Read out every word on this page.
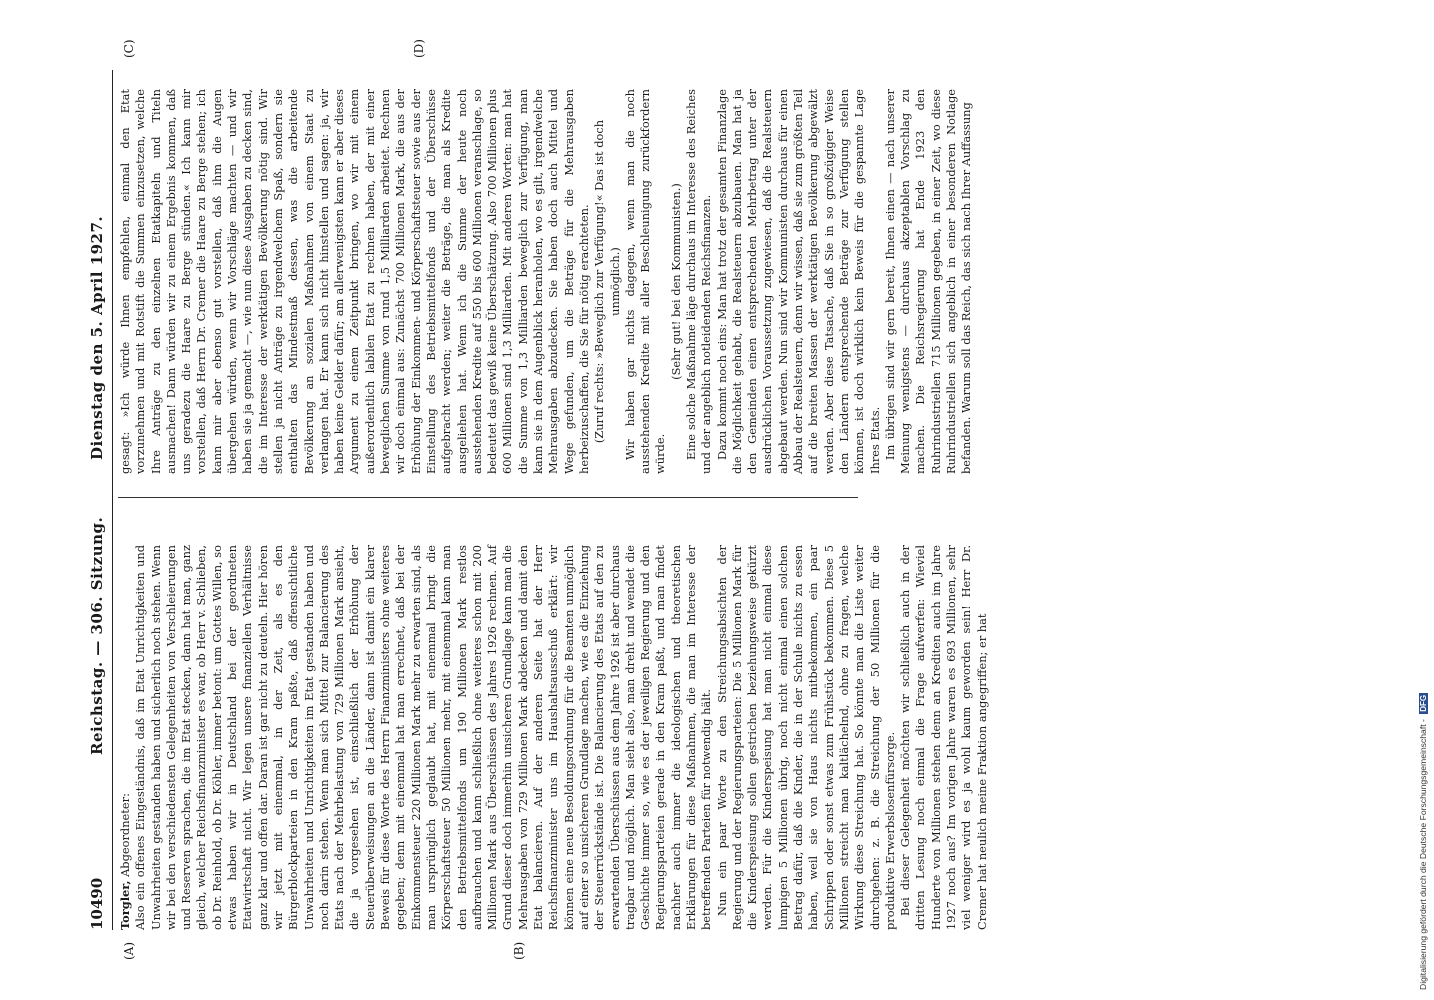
10490
Reichstag. — 306. Sitzung.
Dienstag den 5. April 1927.
(A)	(B)
(C)	(D)

Torgler, Abgeordneter: Also ein offenes Eingeständnis, daß im Etat Unrichtigkeiten und Unwahrheiten gestanden haben und sicherlich noch stehen. Wenn wir bei den verschiedensten Gelegenheiten von Verschleierungen und Reserven sprachen, die im Etat stecken, dann hat man, ganz gleich, welcher Reichsfinanzminister es war, ob Herr v. Schlieben, ob Dr. Reinhold, ob Dr. Köhler, immer betont: um Gottes Willen, so etwas haben wir in Deutschland bei der geordneten Etatwirtschaft nicht. Wir legen unsere finanziellen Verhältnisse ganz klar und offen dar. Daran ist gar nicht zu deuteln. Hier hören wir jetzt mit einemmal, in der Zeit, als es den Bürgerblockparteien in den Kram paßte, daß offensichtliche Unwahrheiten und Unrichtigkeiten im Etat gestanden haben und noch darin stehen. Wenn man sich Mittel zur Balancierung des Etats nach der Mehrbelastung von 729 Millionen Mark ansieht, die ja vorgesehen ist, einschließlich der Erhöhung der Steuerüberweisungen an die Länder, dann ist damit ein klarer Beweis für diese Worte des Herrn Finanzministers ohne weiteres gegeben; denn mit einemmal hat man errechnet, daß bei der Einkommensteuer 220 Millionen Mark mehr zu erwarten sind, als man ursprünglich geglaubt hat, mit einemmal bringt die Körperschaftsteuer 50 Millionen mehr, mit einemmal kann man den Betriebsmittelfonds um 190 Millionen Mark restlos aufbrauchen und kann schließlich ohne weiteres schon mit 200 Millionen Mark aus Überschüssen des Jahres 1926 rechnen. Auf Grund dieser doch immerhin unsicheren Grundlage kann man die Mehrausgaben von 729 Millionen Mark abdecken und damit den Etat balancieren. Auf der anderen Seite hat der Herr Reichsfinanzminister uns im Haushaltsausschuß erklärt: wir können eine neue Besoldungsordnung für die Beamten unmöglich auf einer so unsicheren Grundlage machen, wie es die Einziehung der Steuerrückstände ist. Die Balancierung des Etats auf den zu erwartenden Überschüssen aus dem Jahre 1926 ist aber durchaus tragbar und möglich. Man sieht also, man dreht und wendet die Geschichte immer so, wie es der jeweiligen Regierung und den Regierungsparteien gerade in den Kram paßt, und man findet nachher auch immer die ideologischen und theoretischen Erklärungen für diese Maßnahmen, die man im Interesse der betreffenden Parteien für notwendig hält. Nun ein paar Worte zu den Streichungsabsichten der Regierung und der Regierungsparteien: Die 5 Millionen Mark für die Kinderspeisung sollen gestrichen beziehungsweise gekürzt werden. Für die Kinderspeisung hat man nicht einmal diese lumpigen 5 Millionen übrig, noch nicht einmal einen solchen Betrag dafür, daß die Kinder, die in der Schule nichts zu essen haben, weil sie von Haus nichts mitbekommen, ein paar Schrippen oder sonst etwas zum Frühstück bekommen. Diese 5 Millionen streicht man kaltlächelnd, ohne zu fragen, welche Wirkung diese Streichung hat. So könnte man die Liste weiter durchgehen: z. B. die Streichung der 50 Millionen für die produktive Erwerbslosenfürsorge. Bei dieser Gelegenheit möchten wir schließlich auch in der dritten Lesung noch einmal die Frage aufwerfen: Wieviel Hunderte von Millionen stehen denn an Krediten auch im Jahre 1927 noch aus? Im vorigen Jahre waren es 693 Millionen, sehr viel weniger wird es ja wohl kaum geworden sein! Herr Dr. Cremer hat neulich meine Fraktion angegriffen; er hat

gesagt: »Ich würde Ihnen empfehlen, einmal den Etat vorzunehmen und mit Rotstift die Summen einzusetzen, welche Ihre Anträge zu den einzelnen Etatkapiteln und Titeln ausmachen! Dann würden wir zu einem Ergebnis kommen, daß uns geradezu die Haare zu Berge stünden.« Ich kann mir vorstellen, daß Herrn Dr. Cremer die Haare zu Berge stehen; ich kann mir aber ebenso gut vorstellen, daß ihm die Augen übergehen würden, wenn wir Vorschläge machten — und wir haben sie ja gemacht —, wie nun diese Ausgaben zu decken sind, die im Interesse der werktätigen Bevölkerung nötig sind. Wir stellen ja nicht Anträge zu irgendwelchem Spaß, sondern sie enthalten das Mindestmaß dessen, was die arbeitende Bevölkerung an sozialen Maßnahmen von einem Staat zu verlangen hat. Er kann sich nicht hinstellen und sagen: ja, wir haben keine Gelder dafür; am allerwenigsten kann er aber dieses Argument zu einem Zeitpunkt bringen, wo wir mit einem außerordentlich labilen Etat zu rechnen haben, der mit einer beweglichen Summe von rund 1,5 Milliarden arbeitet. Rechnen wir doch einmal aus: Zunächst 700 Millionen Mark, die aus der Erhöhung der Einkommen- und Körperschaftsteuer sowie aus der Einstellung des Betriebsmittelfonds und der Überschüsse aufgebracht werden; weiter die Beträge, die man als Kredite ausgeliehen hat. Wenn ich die Summe der heute noch ausstehenden Kredite auf 550 bis 600 Millionen veranschlage, so bedeutet das gewiß keine Überschätzung. Also 700 Millionen plus 600 Millionen sind 1,3 Milliarden. Mit anderen Worten: man hat die Summe von 1,3 Milliarden beweglich zur Verfügung, man kann sie in dem Augenblick heranholen, wo es gilt, irgendwelche Mehrausgaben abzudecken. Sie haben doch auch Mittel und Wege gefunden, um die Beträge für die Mehrausgaben herbeizuschaffen, die Sie für nötig erachteten. (Zuruf rechts: »Beweglich zur Verfügung!« Das ist doch unmöglich.) Wir haben gar nichts dagegen, wenn man die noch ausstehenden Kredite mit aller Beschleunigung zurückfordern würde.

(Sehr gut! bei den Kommunisten.) Eine solche Maßnahme läge durchaus im Interesse des Reiches und der angeblich notleidenden Reichsfinanzen. Dazu kommt noch eins: Man hat trotz der gesamten Finanzlage die Möglichkeit gehabt, die Realsteuern abzubauen. Man hat ja den Gemeinden einen entsprechenden Mehrbetrag unter der ausdrücklichen Voraussetzung zugewiesen, daß die Realsteuern abgebaut werden. Nun sind wir Kommunisten durchaus für einen Abbau der Realsteuern, denn wir wissen, daß sie zum größten Teil auf die breiten Massen der werktätigen Bevölkerung abgewälzt werden. Aber diese Tatsache, daß Sie in so großzügiger Weise den Ländern entsprechende Beträge zur Verfügung stellen können, ist doch wirklich kein Beweis für die gespannte Lage Ihres Etats. Im übrigen sind wir gern bereit, Ihnen einen — nach unserer Meinung wenigstens — durchaus akzeptablen Vorschlag zu machen. Die Reichsregierung hat Ende 1923 den Ruhrindustriellen 715 Millionen gegeben, in einer Zeit, wo diese Ruhrindustriellen sich angeblich in einer besonderen Notlage befanden. Warum soll das Reich, das sich nach Ihrer Auffassung

Digitalisierung gefördert durch die Deutsche Forschungsgemeinschaft - DFG
